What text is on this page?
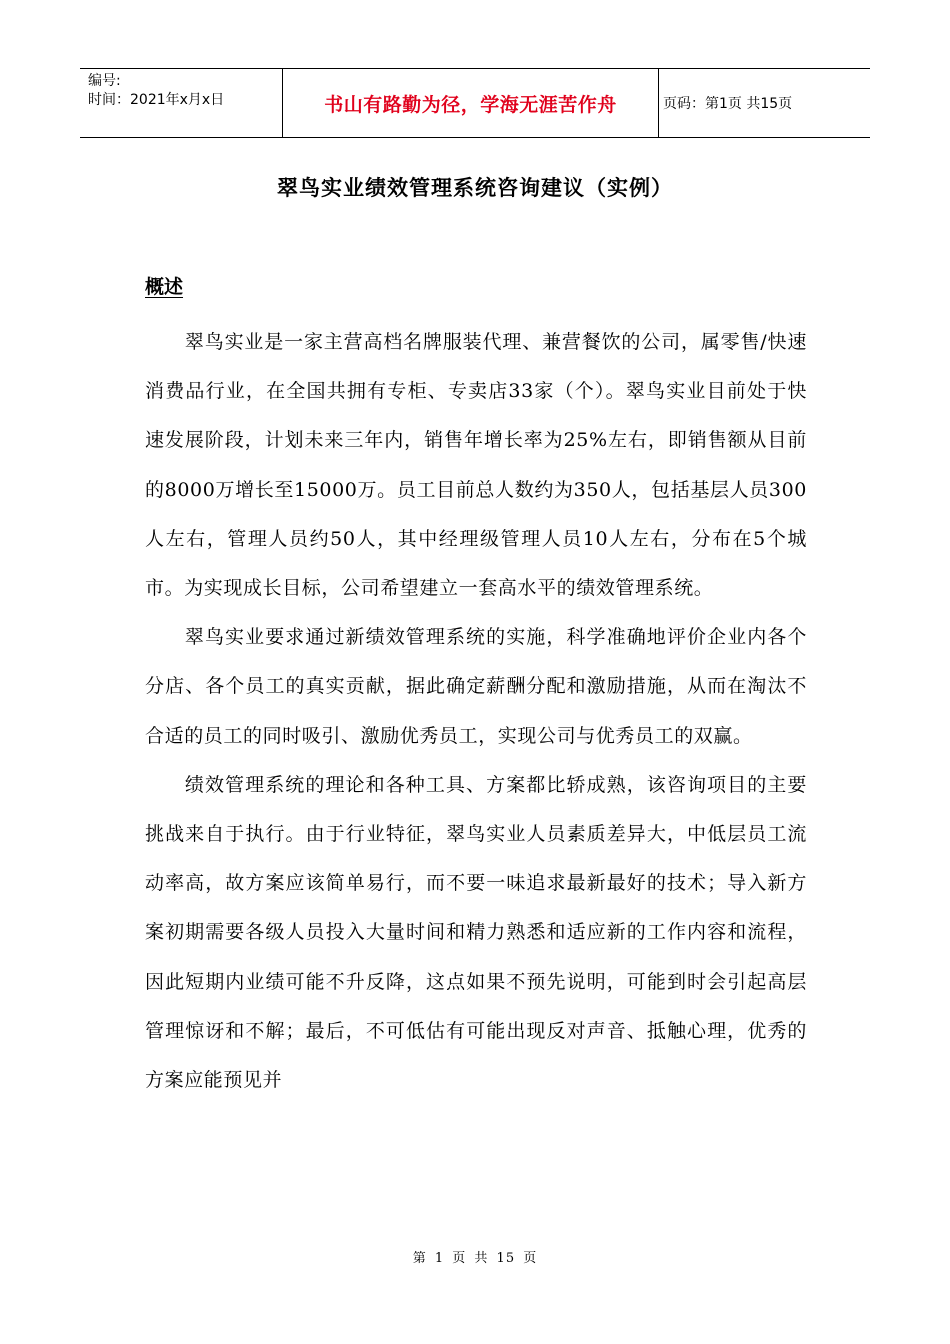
编号:
时间：2021年x月x日	书山有路勤为径，学海无涯苦作舟	页码：第1页 共15页
翠鸟实业绩效管理系统咨询建议（实例）
概述

翠鸟实业是一家主营高档名牌服装代理、兼营餐饮的公司，属零售/快速消费品行业，在全国共拥有专柜、专卖店33家（个）。翠鸟实业目前处于快速发展阶段，计划未来三年内，销售年增长率为25%左右，即销售额从目前的8000万增长至15000万。员工目前总人数约为350人，包括基层人员300人左右，管理人员约50人，其中经理级管理人员10人左右，分布在5个城市。为实现成长目标，公司希望建立一套高水平的绩效管理系统。

翠鸟实业要求通过新绩效管理系统的实施，科学准确地评价企业内各个分店、各个员工的真实贡献，据此确定薪酬分配和激励措施，从而在淘汰不合适的员工的同时吸引、激励优秀员工，实现公司与优秀员工的双赢。

绩效管理系统的理论和各种工具、方案都比轿成熟，该咨询项目的主要挑战来自于执行。由于行业特征，翠鸟实业人员素质差异大，中低层员工流动率高，故方案应该简单易行，而不要一味追求最新最好的技术；导入新方案初期需要各级人员投入大量时间和精力熟悉和适应新的工作内容和流程，因此短期内业绩可能不升反降，这点如果不预先说明，可能到时会引起高层管理惊讶和不解；最后，不可低估有可能出现反对声音、抵触心理，优秀的方案应能预见并

第 1 页 共 15 页
